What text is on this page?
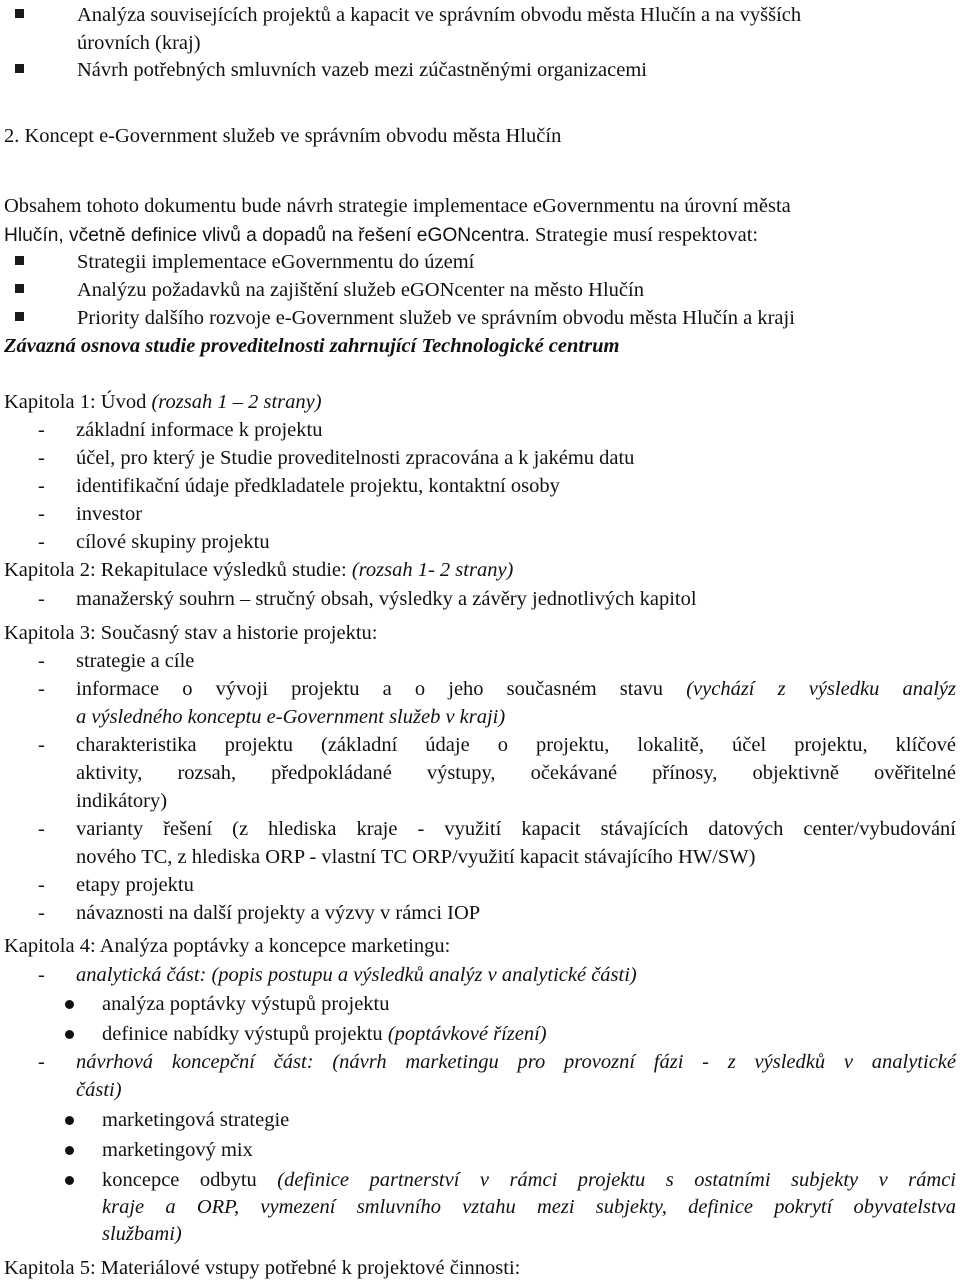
Analýza souvisejících projektů a kapacit ve správním obvodu města Hlučín a na vyšších
úrovních (kraj)
Návrh potřebných smluvních vazeb mezi zúčastněnými organizacemi
2. Koncept e-Government služeb ve správním obvodu města Hlučín
Obsahem tohoto dokumentu bude návrh strategie implementace eGovernmentu na úrovní města
Hlučín, včetně definice vlivů a dopadů na řešení eGONcentra. Strategie musí respektovat:
Strategii implementace eGovernmentu do území
Analýzu požadavků na zajištění služeb eGONcenter na město Hlučín
Priority dalšího rozvoje e-Government služeb ve správním obvodu města Hlučín a kraji
Závazná osnova studie proveditelnosti zahrnující Technologické centrum
Kapitola 1: Úvod (rozsah 1 – 2 strany)
- základní informace k projektu
- účel, pro který je Studie proveditelnosti zpracována a k jakému datu
- identifikační údaje předkladatele projektu, kontaktní osoby
- investor
- cílové skupiny projektu
Kapitola 2: Rekapitulace výsledků studie: (rozsah 1- 2 strany)
- manažerský souhrn – stručný obsah, výsledky a závěry jednotlivých kapitol
Kapitola 3: Současný stav a historie projektu:
- strategie a cíle
- informace o vývoji projektu a o jeho současném stavu (vychází z výsledku analýz
a výsledného konceptu e-Government služeb v kraji)
- charakteristika projektu (základní údaje o projektu, lokalitě, účel projektu, klíčové
aktivity, rozsah, předpokládané výstupy, očekávané přínosy, objektivně ověřitelné
indikátory)
- varianty řešení (z hlediska kraje - využití kapacit stávajících datových center/vybudování
nového TC, z hlediska ORP - vlastní TC ORP/využití kapacit stávajícího HW/SW)
- etapy projektu
- návaznosti na další projekty a výzvy v rámci IOP
Kapitola 4: Analýza poptávky a koncepce marketingu:
- analytická část: (popis postupu a výsledků analýz v analytické části)
analýza poptávky výstupů projektu
definice nabídky výstupů projektu (poptávkové řízení)
- návrhová koncepční část: (návrh marketingu pro provozní fázi - z výsledků v analytické
části)
marketingová strategie
marketingový mix
koncepce odbytu (definice partnerství v rámci projektu s ostatními subjekty v rámci
kraje a ORP, vymezení smluvního vztahu mezi subjekty, definice pokrytí obyvatelstva
službami)
Kapitola 5: Materiálové vstupy potřebné k projektové činnosti:
